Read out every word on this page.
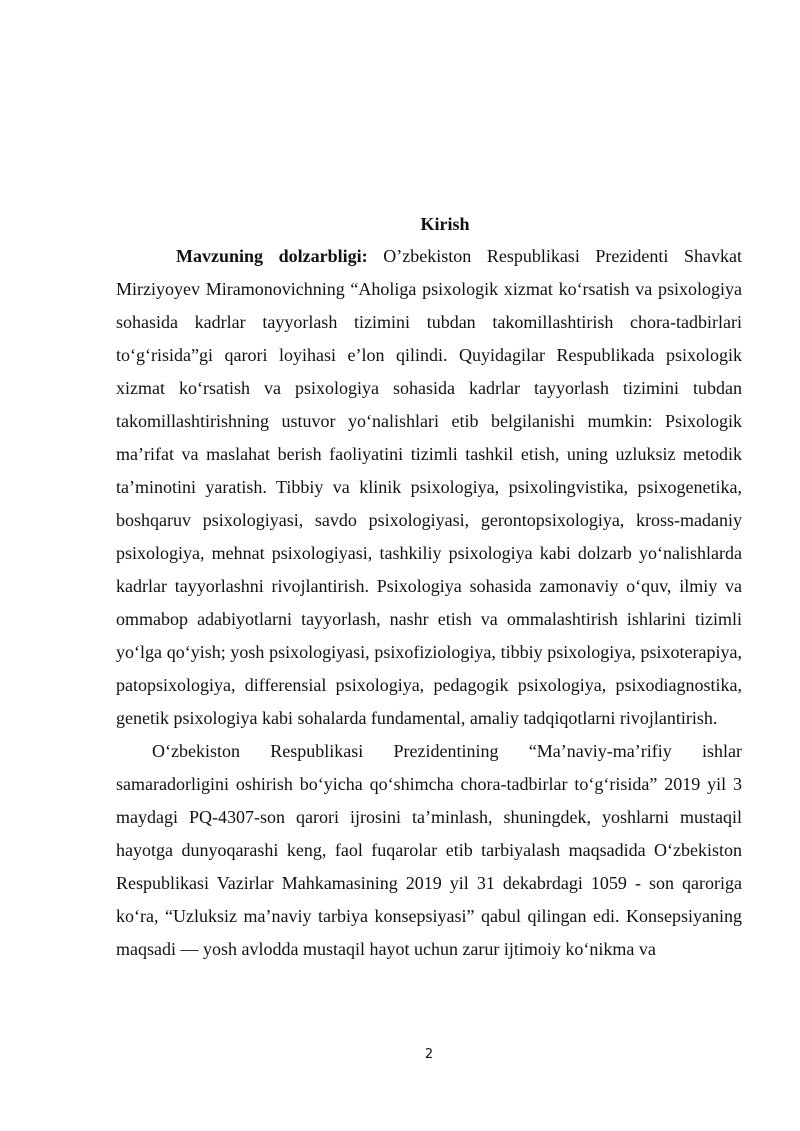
Kirish

Mavzuning dolzarbligi: O’zbekiston Respublikasi Prezidenti Shavkat Mirziyoyev Miramonovichning “Aholiga psixologik xizmat ko‘rsatish va psixologiya sohasida kadrlar tayyorlash tizimini tubdan takomillashtirish chora-tadbirlari to‘g‘risida”gi qarori loyihasi e’lon qilindi. Quyidagilar Respublikada psixologik xizmat ko‘rsatish va psixologiya sohasida kadrlar tayyorlash tizimini tubdan takomillashtirishning ustuvor yo‘nalishlari etib belgilanishi mumkin: Psixologik ma’rifat va maslahat berish faoliyatini tizimli tashkil etish, uning uzluksiz metodik ta’minotini yaratish. Tibbiy va klinik psixologiya, psixolingvistika, psixogenetika, boshqaruv psixologiyasi, savdo psixologiyasi, gerontopsixologiya, kross-madaniy psixologiya, mehnat psixologiyasi, tashkiliy psixologiya kabi dolzarb yo‘nalishlarda kadrlar tayyorlashni rivojlantirish. Psixologiya sohasida zamonaviy o‘quv, ilmiy va ommabop adabiyotlarni tayyorlash, nashr etish va ommalashtirish ishlarini tizimli yo‘lga qo‘yish; yosh psixologiyasi, psixofiziologiya, tibbiy psixologiya, psixoterapiya, patopsixologiya, differensial psixologiya, pedagogik psixologiya, psixodiagnostika, genetik psixologiya kabi sohalarda fundamental, amaliy tadqiqotlarni rivojlantirish.

O‘zbekiston Respublikasi Prezidentining “Ma’naviy-ma’rifiy ishlar samaradorligini oshirish bo‘yicha qo‘shimcha chora-tadbirlar to‘g‘risida” 2019 yil 3 maydagi PQ-4307-son qarori ijrosini ta’minlash, shuningdek, yoshlarni mustaqil hayotga dunyoqarashi keng, faol fuqarolar etib tarbiyalash maqsadida O‘zbekiston Respublikasi Vazirlar Mahkamasining 2019 yil 31 dekabrdagi 1059 - son qaroriga ko‘ra, “Uzluksiz ma’naviy tarbiya konsepsiyasi” qabul qilingan edi. Konsepsiyaning maqsadi — yosh avlodda mustaqil hayot uchun zarur ijtimoiy ko‘nikma va

2
